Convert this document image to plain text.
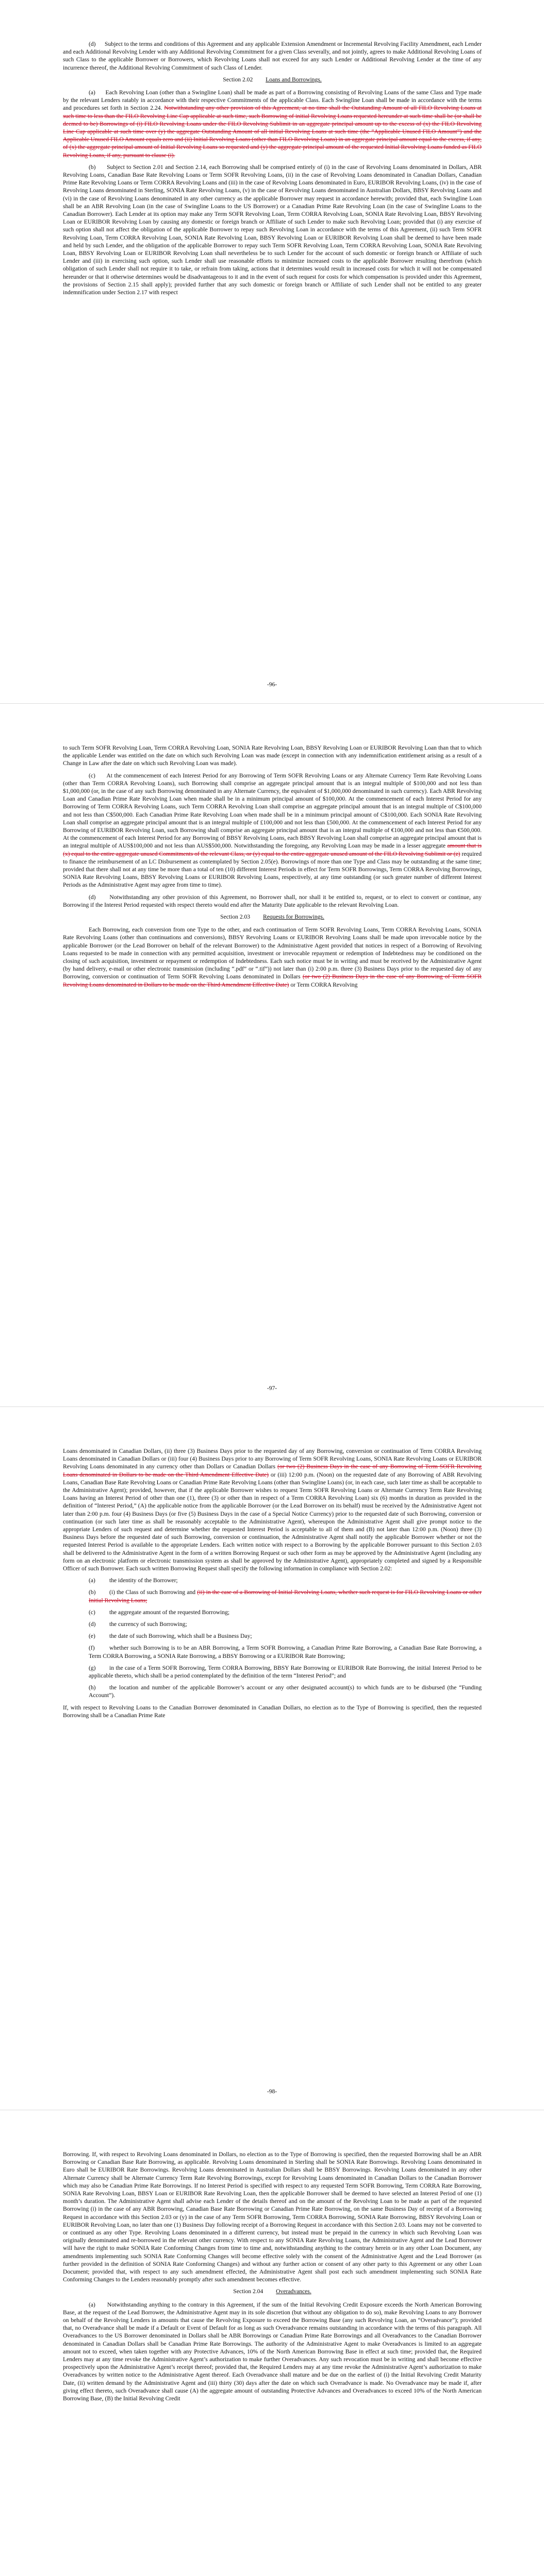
(d)      Subject to the terms and conditions of this Agreement and any applicable Extension Amendment or Incremental Revolving Facility Amendment, each Lender and each Additional Revolving Lender with any Additional Revolving Commitment for a given Class severally, and not jointly, agrees to make Additional Revolving Loans of such Class to the applicable Borrower or Borrowers, which Revolving Loans shall not exceed for any such Lender or Additional Revolving Lender at the time of any incurrence thereof, the Additional Revolving Commitment of such Class of Lender.

Section 2.02 Loans and Borrowings.

(a)      Each Revolving Loan (other than a Swingline Loan) shall be made as part of a Borrowing consisting of Revolving Loans of the same Class and Type made by the relevant Lenders ratably in accordance with their respective Commitments of the applicable Class. Each Swingline Loan shall be made in accordance with the terms and procedures set forth in Section 2.24. Notwithstanding any other provision of this Agreement, at no time shall the Outstanding Amount of all FILO Revolving Loans at such time to less than the FILO Revolving Line Cap applicable at such time, such Borrowing of initial Revolving Loans requested hereunder at such time shall be (or shall be deemed to be) Borrowings of (i) FILO Revolving Loans under the FILO Revolving Sublimit in an aggregate principal amount up to the excess of (x) the FILO Revolving Line Cap applicable at such time over (y) the aggregate Outstanding Amount of all initial Revolving Loans at such time (the “Applicable Unused FILO Amount”) and the Applicable Unused FILO Amount equals zero and (ii) Initial Revolving Loans (other than FILO Revolving Loans) in an aggregate principal amount equal to the excess, if any, of (x) the aggregate principal amount of Initial Revolving Loans so requested and (y) the aggregate principal amount of the requested Initial Revolving Loans funded as FILO Revolving Loans, if any, pursuant to clause (i).

(b)      Subject to Section 2.01 and Section 2.14, each Borrowing shall be comprised entirely of (i) in the case of Revolving Loans denominated in Dollars, ABR Revolving Loans, Canadian Base Rate Revolving Loans or Term SOFR Revolving Loans, (ii) in the case of Revolving Loans denominated in Canadian Dollars, Canadian Prime Rate Revolving Loans or Term CORRA Revolving Loans and (iii) in the case of Revolving Loans denominated in Euro, EURIBOR Revolving Loans, (iv) in the case of Revolving Loans denominated in Sterling, SONIA Rate Revolving Loans, (v) in the case of Revolving Loans denominated in Australian Dollars, BBSY Revolving Loans and (vi) in the case of Revolving Loans denominated in any other currency as the applicable Borrower may request in accordance herewith; provided that, each Swingline Loan shall be an ABR Revolving Loan (in the case of Swingline Loans to the US Borrower) or a Canadian Prime Rate Revolving Loan (in the case of Swingline Loans to the Canadian Borrower). Each Lender at its option may make any Term SOFR Revolving Loan, Term CORRA Revolving Loan, SONIA Rate Revolving Loan, BBSY Revolving Loan or EURIBOR Revolving Loan by causing any domestic or foreign branch or Affiliate of such Lender to make such Revolving Loan; provided that (i) any exercise of such option shall not affect the obligation of the applicable Borrower to repay such Revolving Loan in accordance with the terms of this Agreement, (ii) such Term SOFR Revolving Loan, Term CORRA Revolving Loan, SONIA Rate Revolving Loan, BBSY Revolving Loan or EURIBOR Revolving Loan shall be deemed to have been made and held by such Lender, and the obligation of the applicable Borrower to repay such Term SOFR Revolving Loan, Term CORRA Revolving Loan, SONIA Rate Revolving Loan, BBSY Revolving Loan or EURIBOR Revolving Loan shall nevertheless be to such Lender for the account of such domestic or foreign branch or Affiliate of such Lender and (iii) in exercising such option, such Lender shall use reasonable efforts to minimize increased costs to the applicable Borrower resulting therefrom (which obligation of such Lender shall not require it to take, or refrain from taking, actions that it determines would result in increased costs for which it will not be compensated hereunder or that it otherwise determines would be disadvantageous to it and in the event of such request for costs for which compensation is provided under this Agreement, the provisions of Section 2.15 shall apply); provided further that any such domestic or foreign branch or Affiliate of such Lender shall not be entitled to any greater indemnification under Section 2.17 with respect

-96-

to such Term SOFR Revolving Loan, Term CORRA Revolving Loan, SONIA Rate Revolving Loan, BBSY Revolving Loan or EURIBOR Revolving Loan than that to which the applicable Lender was entitled on the date on which such Revolving Loan was made (except in connection with any indemnification entitlement arising as a result of a Change in Law after the date on which such Revolving Loan was made).

(c)      At the commencement of each Interest Period for any Borrowing of Term SOFR Revolving Loans or any Alternate Currency Term Rate Revolving Loans (other than Term CORRA Revolving Loans), such Borrowing shall comprise an aggregate principal amount that is an integral multiple of $100,000 and not less than $1,000,000 (or, in the case of any such Borrowing denominated in any Alternate Currency, the equivalent of $1,000,000 denominated in such currency). Each ABR Revolving Loan and Canadian Prime Rate Revolving Loan when made shall be in a minimum principal amount of $100,000. At the commencement of each Interest Period for any Borrowing of Term CORRA Revolving Loans, such Term CORRA Revolving Loan shall comprise an aggregate principal amount that is an integral multiple of C$100,000 and not less than C$500,000. Each Canadian Prime Rate Revolving Loan when made shall be in a minimum principal amount of C$100,000. Each SONIA Rate Revolving Loan shall comprise an aggregate principal amount that is an integral multiple of £100,000 and not less than £500,000. At the commencement of each Interest Period for any Borrowing of EURIBOR Revolving Loan, such Borrowing shall comprise an aggregate principal amount that is an integral multiple of €100,000 and not less than €500,000. At the commencement of each Interest Period for any Borrowing of BBSY Revolving Loans, each BBSY Revolving Loan shall comprise an aggregate principal amount that is an integral multiple of AUS$100,000 and not less than AUS$500,000. Notwithstanding the foregoing, any Revolving Loan may be made in a lesser aggregate amount that is (x) equal to the entire aggregate unused Commitments of the relevant Class, or (y) equal to the entire aggregate unused amount of the FILO Revolving Sublimit or (z) required to finance the reimbursement of an LC Disbursement as contemplated by Section 2.05(e). Borrowings of more than one Type and Class may be outstanding at the same time; provided that there shall not at any time be more than a total of ten (10) different Interest Periods in effect for Term SOFR Borrowings, Term CORRA Revolving Borrowings, SONIA Rate Revolving Loans, BBSY Revolving Loans or EURIBOR Revolving Loans, respectively, at any time outstanding (or such greater number of different Interest Periods as the Administrative Agent may agree from time to time).

(d)      Notwithstanding any other provision of this Agreement, no Borrower shall, nor shall it be entitled to, request, or to elect to convert or continue, any Borrowing if the Interest Period requested with respect thereto would end after the Maturity Date applicable to the relevant Revolving Loan.

Section 2.03 Requests for Borrowings.

Each Borrowing, each conversion from one Type to the other, and each continuation of Term SOFR Revolving Loans, Term CORRA Revolving Loans, SONIA Rate Revolving Loans (other than continuations and conversions), BBSY Revolving Loans or EURIBOR Revolving Loans shall be made upon irrevocable notice by the applicable Borrower (or the Lead Borrower on behalf of the relevant Borrower) to the Administrative Agent provided that notices in respect of a Borrowing of Revolving Loans requested to be made in connection with any permitted acquisition, investment or irrevocable repayment or redemption of Indebtedness may be conditioned on the closing of such acquisition, investment or repayment or redemption of Indebtedness. Each such notice must be in writing and must be received by the Administrative Agent (by hand delivery, e-mail or other electronic transmission (including “.pdf” or “.tif”)) not later than (i) 2:00 p.m. three (3) Business Days prior to the requested day of any Borrowing, conversion or continuation of Term SOFR Revolving Loans denominated in Dollars (or two (2) Business Days in the case of any Borrowing of Term SOFR Revolving Loans denominated in Dollars to be made on the Third Amendment Effective Date) or Term CORRA Revolving

-97-

Loans denominated in Canadian Dollars, (ii) three (3) Business Days prior to the requested day of any Borrowing, conversion or continuation of Term CORRA Revolving Loans denominated in Canadian Dollars or (iii) four (4) Business Days prior to any Borrowing of Term SOFR Revolving Loans, SONIA Rate Revolving Loans or EURIBOR Revolving Loans denominated in any currency other than Dollars or Canadian Dollars (or two (2) Business Days in the case of any Borrowing of Term SOFR Revolving Loans denominated in Dollars to be made on the Third Amendment Effective Date) or (iii) 12:00 p.m. (Noon) on the requested date of any Borrowing of ABR Revolving Loans, Canadian Base Rate Revolving Loans or Canadian Prime Rate Revolving Loans (other than Swingline Loans) (or, in each case, such later time as shall be acceptable to the Administrative Agent); provided, however, that if the applicable Borrower wishes to request Term SOFR Revolving Loans or Alternate Currency Term Rate Revolving Loans having an Interest Period of other than one (1), three (3) or other than in respect of a Term CORRA Revolving Loan) six (6) months in duration as provided in the definition of “Interest Period,” (A) the applicable notice from the applicable Borrower (or the Lead Borrower on its behalf) must be received by the Administrative Agent not later than 2:00 p.m. four (4) Business Days (or five (5) Business Days in the case of a Special Notice Currency) prior to the requested date of such Borrowing, conversion or continuation (or such later time as shall be reasonably acceptable to the Administrative Agent), whereupon the Administrative Agent shall give prompt notice to the appropriate Lenders of such request and determine whether the requested Interest Period is acceptable to all of them and (B) not later than 12:00 p.m. (Noon) three (3) Business Days before the requested date of such Borrowing, conversion or continuation, the Administrative Agent shall notify the applicable Borrower whether or not the requested Interest Period is available to the appropriate Lenders. Each written notice with respect to a Borrowing by the applicable Borrower pursuant to this Section 2.03 shall be delivered to the Administrative Agent in the form of a written Borrowing Request or such other form as may be approved by the Administrative Agent (including any form on an electronic platform or electronic transmission system as shall be approved by the Administrative Agent), appropriately completed and signed by a Responsible Officer of such Borrower. Each such written Borrowing Request shall specify the following information in compliance with Section 2.02:

(a) the identity of the Borrower;
(b) (i) the Class of such Borrowing and (ii) in the case of a Borrowing of Initial Revolving Loans, whether such request is for FILO Revolving Loans or other Initial Revolving Loans;
(c) the aggregate amount of the requested Borrowing;
(d) the currency of such Borrowing;
(e) the date of such Borrowing, which shall be a Business Day;
(f) whether such Borrowing is to be an ABR Borrowing, a Term SOFR Borrowing, a Canadian Prime Rate Borrowing, a Canadian Base Rate Borrowing, a Term CORRA Borrowing, a SONIA Rate Borrowing, a BBSY Borrowing or a EURIBOR Rate Borrowing;
(g) in the case of a Term SOFR Borrowing, Term CORRA Borrowing, BBSY Rate Borrowing or EURIBOR Rate Borrowing, the initial Interest Period to be applicable thereto, which shall be a period contemplated by the definition of the term “Interest Period”; and
(h) the location and number of the applicable Borrower’s account or any other designated account(s) to which funds are to be disbursed (the “Funding Account”).

If, with respect to Revolving Loans to the Canadian Borrower denominated in Canadian Dollars, no election as to the Type of Borrowing is specified, then the requested Borrowing shall be a Canadian Prime Rate

-98-

Borrowing. If, with respect to Revolving Loans denominated in Dollars, no election as to the Type of Borrowing is specified, then the requested Borrowing shall be an ABR Borrowing or Canadian Base Rate Borrowing, as applicable. Revolving Loans denominated in Sterling shall be SONIA Rate Borrowings. Revolving Loans denominated in Euro shall be EURIBOR Rate Borrowings. Revolving Loans denominated in Australian Dollars shall be BBSY Borrowings. Revolving Loans denominated in any other Alternate Currency shall be Alternate Currency Term Rate Revolving Borrowings, except for Revolving Loans denominated in Canadian Dollars to the Canadian Borrower which may also be Canadian Prime Rate Borrowings. If no Interest Period is specified with respect to any requested Term SOFR Borrowing, Term CORRA Rate Borrowing, SONIA Rate Revolving Loan, BBSY Loan or EURIBOR Rate Revolving Loan, then the applicable Borrower shall be deemed to have selected an Interest Period of one (1) month’s duration. The Administrative Agent shall advise each Lender of the details thereof and on the amount of the Revolving Loan to be made as part of the requested Borrowing (i) in the case of any ABR Borrowing, Canadian Base Rate Borrowing or Canadian Prime Rate Borrowing, on the same Business Day of receipt of a Borrowing Request in accordance with this Section 2.03 or (y) in the case of any Term SOFR Borrowing, Term CORRA Borrowing, SONIA Rate Borrowing, BBSY Revolving Loan or EURIBOR Revolving Loan, no later than one (1) Business Day following receipt of a Borrowing Request in accordance with this Section 2.03. Loans may not be converted to or continued as any other Type. Revolving Loans denominated in a different currency, but instead must be prepaid in the currency in which such Revolving Loan was originally denominated and re-borrowed in the relevant other currency. With respect to any SONIA Rate Revolving Loans, the Administrative Agent and the Lead Borrower will have the right to make SONIA Rate Conforming Changes from time to time and, notwithstanding anything to the contrary herein or in any other Loan Document, any amendments implementing such SONIA Rate Conforming Changes will become effective solely with the consent of the Administrative Agent and the Lead Borrower (as further provided in the definition of SONIA Rate Conforming Changes) and without any further action or consent of any other party to this Agreement or any other Loan Document; provided that, with respect to any such amendment effected, the Administrative Agent shall post each such amendment implementing such SONIA Rate Conforming Changes to the Lenders reasonably promptly after such amendment becomes effective.

Section 2.04 Overadvances.

(a)      Notwithstanding anything to the contrary in this Agreement, if the sum of the Initial Revolving Credit Exposure exceeds the North American Borrowing Base, at the request of the Lead Borrower, the Administrative Agent may in its sole discretion (but without any obligation to do so), make Revolving Loans to any Borrower on behalf of the Revolving Lenders in amounts that cause the Revolving Exposure to exceed the Borrowing Base (any such Revolving Loan, an “Overadvance”); provided that, no Overadvance shall be made if a Default or Event of Default for as long as such Overadvance remains outstanding in accordance with the terms of this paragraph. All Overadvances to the US Borrower denominated in Dollars shall be ABR Borrowings or Canadian Prime Rate Borrowings and all Overadvances to the Canadian Borrower denominated in Canadian Dollars shall be Canadian Prime Rate Borrowings. The authority of the Administrative Agent to make Overadvances is limited to an aggregate amount not to exceed, when taken together with any Protective Advances, 10% of the North American Borrowing Base in effect at such time; provided that, the Required Lenders may at any time revoke the Administrative Agent’s authorization to make further Overadvances. Any such revocation must be in writing and shall become effective prospectively upon the Administrative Agent’s receipt thereof; provided that, the Required Lenders may at any time revoke the Administrative Agent’s authorization to make Overadvances by written notice to the Administrative Agent thereof. Each Overadvance shall mature and be due on the earliest of (i) the Initial Revolving Credit Maturity Date, (ii) written demand by the Administrative Agent and (iii) thirty (30) days after the date on which such Overadvance is made. No Overadvance may be made if, after giving effect thereto, such Overadvance shall cause (A) the aggregate amount of outstanding Protective Advances and Overadvances to exceed 10% of the North American Borrowing Base, (B) the Initial Revolving Credit
